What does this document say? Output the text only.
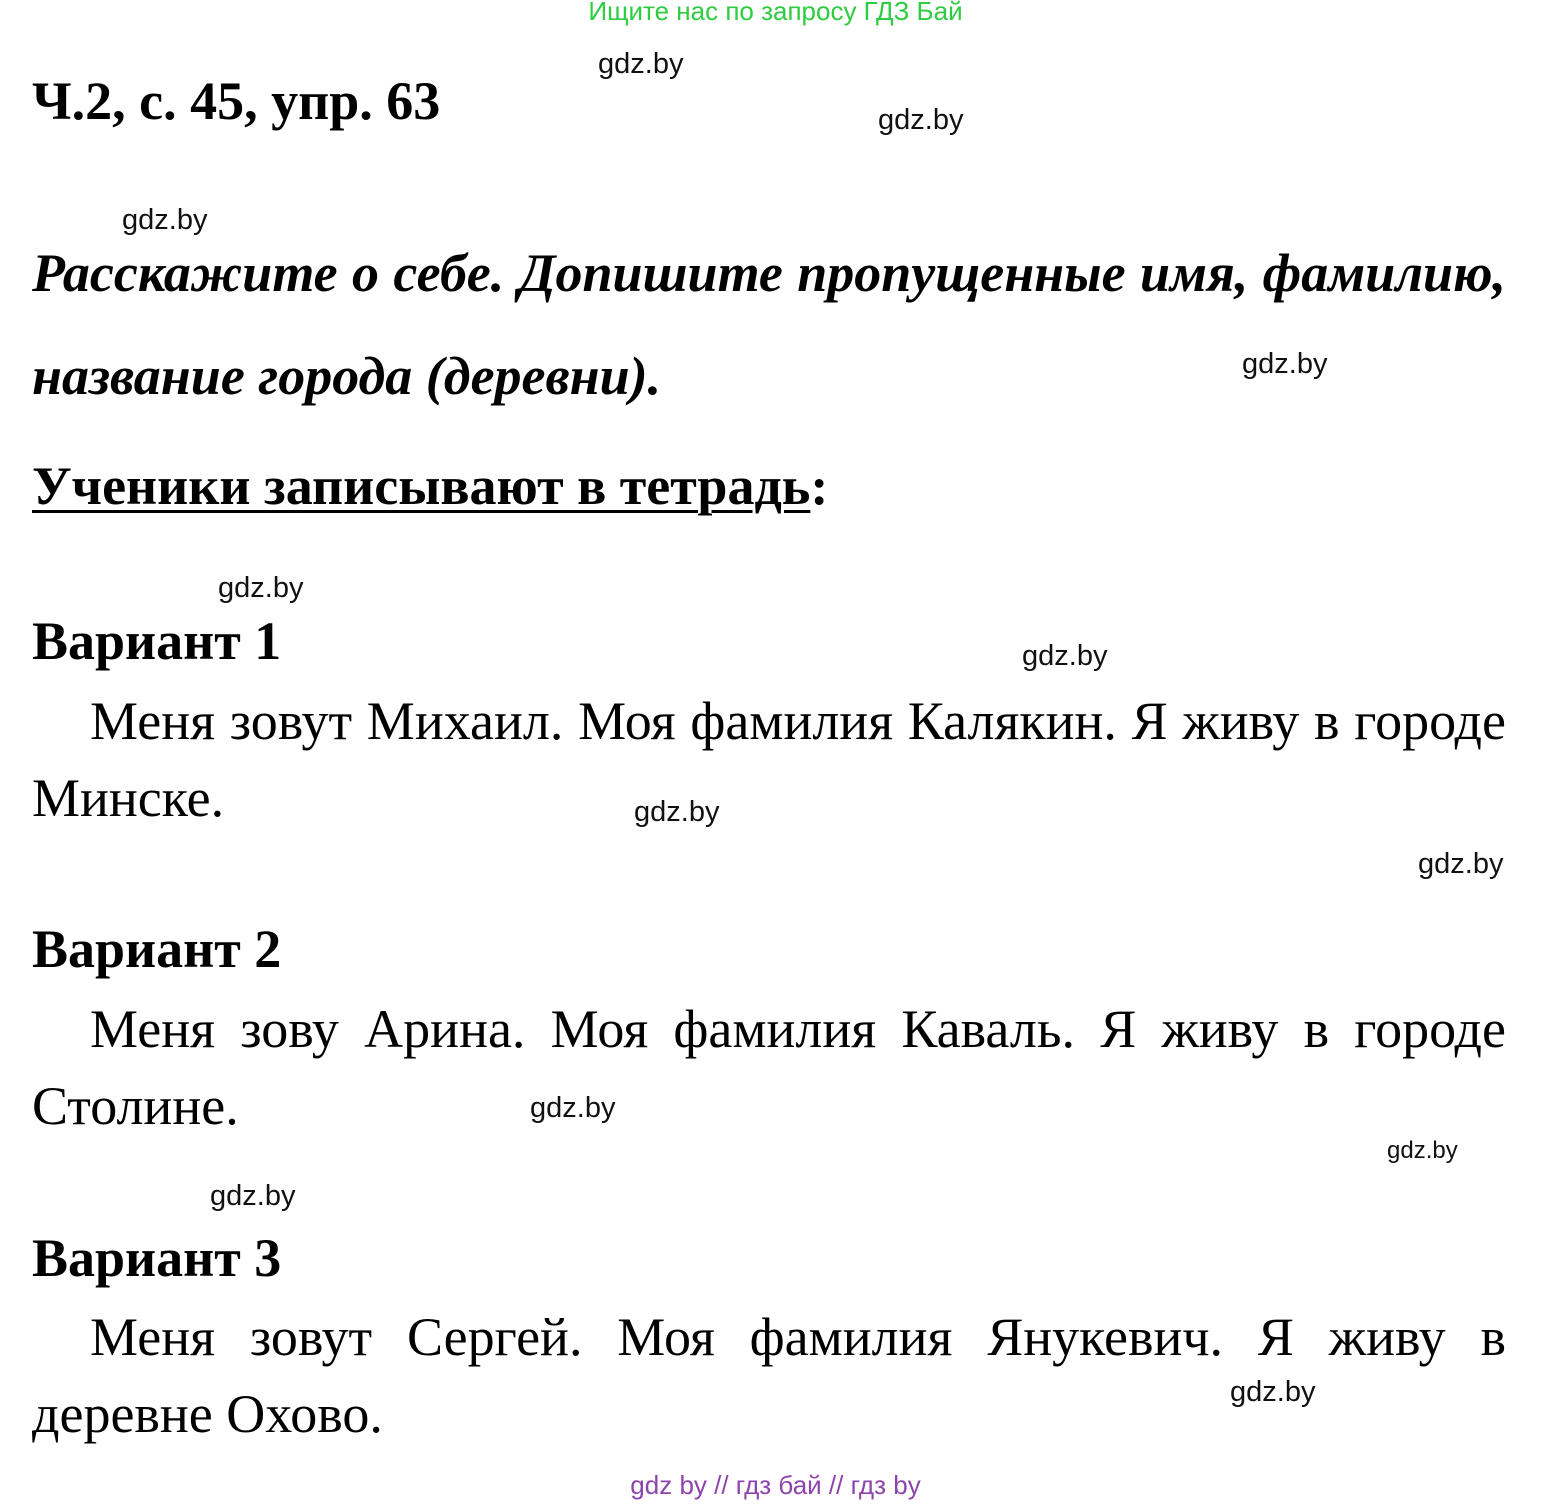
Ищите нас по запросу ГДЗ Бай
Ч.2, с. 45, упр. 63
Расскажите о себе. Допишите пропущенные имя, фамилию, название города (деревни).
Ученики записывают в тетрадь:
Вариант 1
Меня зовут Михаил. Моя фамилия Калякин. Я живу в городе Минске.
Вариант 2
Меня зову Арина. Моя фамилия Каваль. Я живу в городе Столине.
Вариант 3
Меня зовут Сергей. Моя фамилия Янукевич. Я живу в деревне Охово.
gdz.by
gdz.by
gdz.by
gdz.by
gdz.by
gdz.by
gdz.by
gdz.by
gdz.by
gdz.by
gdz.by
gdz.by
gdz by // гдз бай // гдз by
